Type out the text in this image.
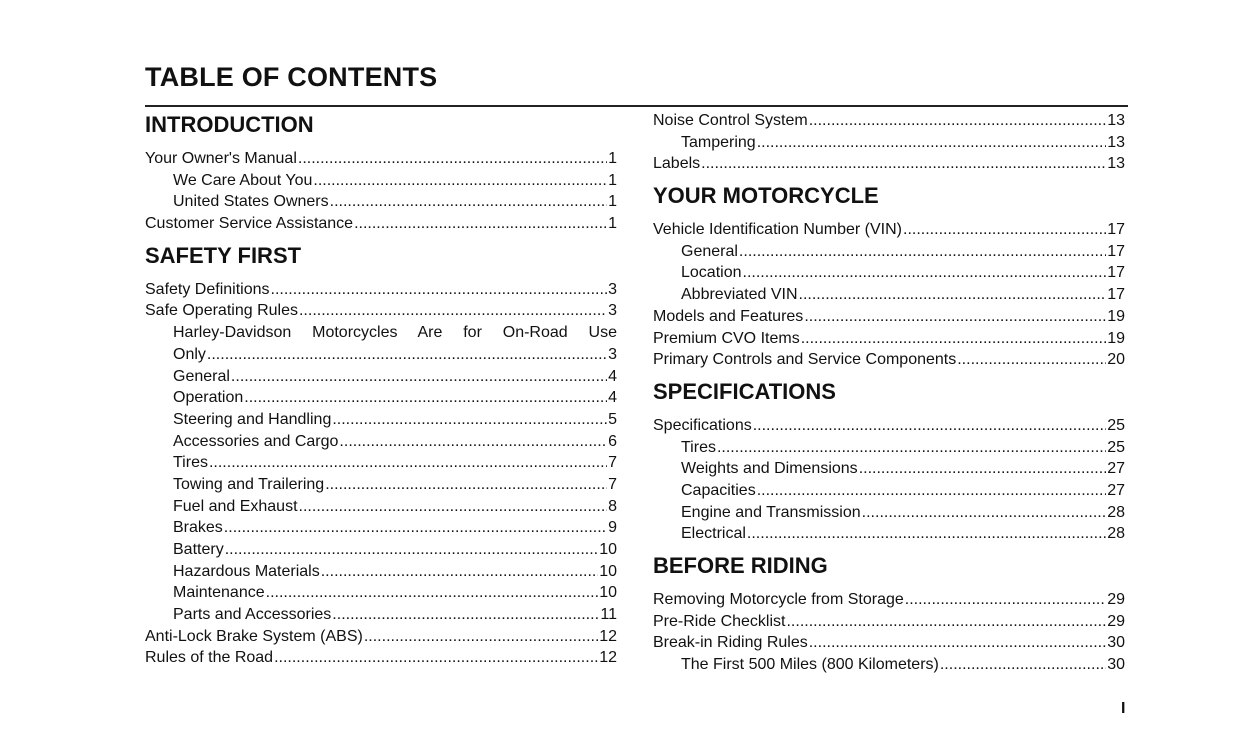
TABLE OF CONTENTS
INTRODUCTION
Your Owner's Manual .....	1
We Care About You .....	1
United States Owners .....	1
Customer Service Assistance .....	1
SAFETY FIRST
Safety Definitions .....	3
Safe Operating Rules .....	3
Harley-Davidson Motorcycles Are for On-Road Use
Only .....	3
General .....	4
Operation .....	4
Steering and Handling .....	5
Accessories and Cargo .....	6
Tires .....	7
Towing and Trailering .....	7
Fuel and Exhaust .....	8
Brakes .....	9
Battery .....	10
Hazardous Materials .....	10
Maintenance .....	10
Parts and Accessories .....	11
Anti-Lock Brake System (ABS) .....	12
Rules of the Road .....	12
Noise Control System .....	13
Tampering .....	13
Labels .....	13
YOUR MOTORCYCLE
Vehicle Identification Number (VIN) .....	17
General .....	17
Location .....	17
Abbreviated VIN .....	17
Models and Features .....	19
Premium CVO Items .....	19
Primary Controls and Service Components .....	20
SPECIFICATIONS
Specifications .....	25
Tires .....	25
Weights and Dimensions .....	27
Capacities .....	27
Engine and Transmission .....	28
Electrical .....	28
BEFORE RIDING
Removing Motorcycle from Storage .....	29
Pre-Ride Checklist .....	29
Break-in Riding Rules .....	30
The First 500 Miles (800 Kilometers) .....	30
I
